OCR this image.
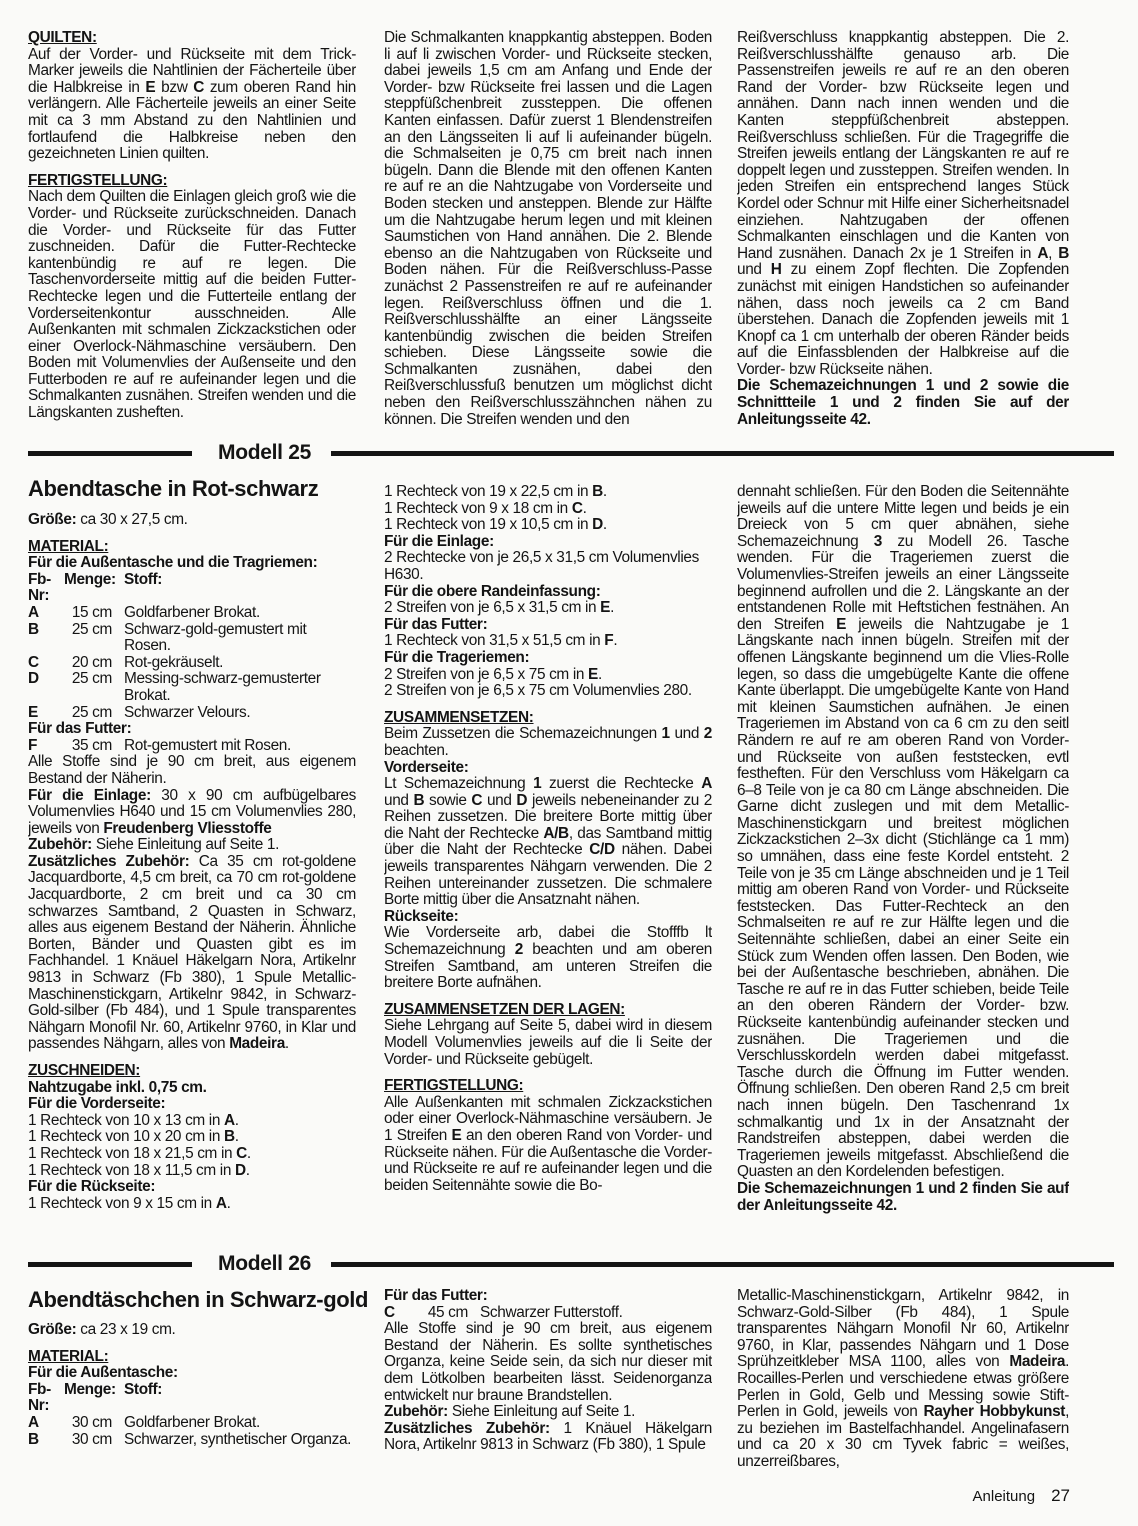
QUILTEN:

Auf der Vorder- und Rückseite mit dem Trick-Marker jeweils die Nahtlinien der Fächerteile über die Halbkreise in E bzw C zum oberen Rand hin verlängern. Alle Fächerteile jeweils an einer Seite mit ca 3 mm Abstand zu den Nahtlinien und fortlaufend die Halbkreise neben den gezeichneten Linien quilten.

FERTIGSTELLUNG:

Nach dem Quilten die Einlagen gleich groß wie die Vorder- und Rückseite zurückschneiden. Danach die Vorder- und Rückseite für das Futter zuschneiden. Dafür die Futter-Rechtecke kantenbündig re auf re legen. Die Taschenvorderseite mittig auf die beiden Futter-Rechtecke legen und die Futterteile entlang der Vorderseitenkontur ausschneiden. Alle Außenkanten mit schmalen Zickzackstichen oder einer Overlock-Nähmaschine versäubern. Den Boden mit Volumenvlies der Außenseite und den Futterboden re auf re aufeinander legen und die Schmalkanten zusnähen. Streifen wenden und die Längskanten zusheften.

Die Schmalkanten knappkantig absteppen. Boden li auf li zwischen Vorder- und Rückseite stecken, dabei jeweils 1,5 cm am Anfang und Ende der Vorder- bzw Rückseite frei lassen und die Lagen steppfüßchenbreit zussteppen. Die offenen Kanten einfassen. Dafür zuerst 1 Blendenstreifen an den Längsseiten li auf li aufeinander bügeln. die Schmalseiten je 0,75 cm breit nach innen bügeln. Dann die Blende mit den offenen Kanten re auf re an die Nahtzugabe von Vorderseite und Boden stecken und ansteppen. Blende zur Hälfte um die Nahtzugabe herum legen und mit kleinen Saumstichen von Hand annähen. Die 2. Blende ebenso an die Nahtzugaben von Rückseite und Boden nähen. Für die Reißverschluss-Passe zunächst 2 Passenstreifen re auf re aufeinander legen. Reißverschluss öffnen und die 1. Reißverschlusshälfte an einer Längsseite kantenbündig zwischen die beiden Streifen schieben. Diese Längsseite sowie die Schmalkanten zusnähen, dabei den Reißverschlussfuß benutzen um möglichst dicht neben den Reißverschlusszähnchen nähen zu können. Die Streifen wenden und den

Reißverschluss knappkantig absteppen. Die 2. Reißverschlusshälfte genauso arb. Die Passenstreifen jeweils re auf re an den oberen Rand der Vorder- bzw Rückseite legen und annähen. Dann nach innen wenden und die Kanten steppfüßchenbreit absteppen. Reißverschluss schließen. Für die Tragegriffe die Streifen jeweils entlang der Längskanten re auf re doppelt legen und zussteppen. Streifen wenden. In jeden Streifen ein entsprechend langes Stück Kordel oder Schnur mit Hilfe einer Sicherheitsnadel einziehen. Nahtzugaben der offenen Schmalkanten einschlagen und die Kanten von Hand zusnähen. Danach 2x je 1 Streifen in A, B und H zu einem Zopf flechten. Die Zopfenden zunächst mit einigen Handstichen so aufeinander nähen, dass noch jeweils ca 2 cm Band überstehen. Danach die Zopfenden jeweils mit 1 Knopf ca 1 cm unterhalb der oberen Ränder beids auf die Einfassblenden der Halbkreise auf die Vorder- bzw Rückseite nähen.

Die Schemazeichnungen 1 und 2 sowie die Schnittteile 1 und 2 finden Sie auf der Anleitungsseite 42.

Modell 25
Abendtasche in Rot-schwarz

Größe: ca 30 x 27,5 cm.

MATERIAL:

Für die Außentasche und die Tragriemen:

Fb-Nr:
Menge: Stoff:
A	15 cm Goldfarbener Brokat.
B	25 cm Schwarz-gold-gemustert mit Rosen.
C	20 cm Rot-gekräuselt.
D	25 cm Messing-schwarz-gemusterter Brokat.
E	25 cm Schwarzer Velours.

Für das Futter:

F	35 cm Rot-gemustert mit Rosen.

Alle Stoffe sind je 90 cm breit, aus eigenem Bestand der Näherin.

Für die Einlage: 30 x 90 cm aufbügelbares Volumenvlies H640 und 15 cm Volumenvlies 280, jeweils von Freudenberg Vliesstoffe

Zubehör: Siehe Einleitung auf Seite 1.

Zusätzliches Zubehör: Ca 35 cm rot-goldene Jacquardborte, 4,5 cm breit, ca 70 cm rot-goldene Jacquardborte, 2 cm breit und ca 30 cm schwarzes Samtband, 2 Quasten in Schwarz, alles aus eigenem Bestand der Näherin. Ähnliche Borten, Bänder und Quasten gibt es im Fachhandel. 1 Knäuel Häkelgarn Nora, Artikelnr 9813 in Schwarz (Fb 380), 1 Spule Metallic-Maschinenstickgarn, Artikelnr 9842, in Schwarz-Gold-silber (Fb 484), und 1 Spule transparentes Nähgarn Monofil Nr. 60, Artikelnr 9760, in Klar und passendes Nähgarn, alles von Madeira.

ZUSCHNEIDEN:

Nahtzugabe inkl. 0,75 cm.

Für die Vorderseite:

1 Rechteck von 10 x 13 cm in A.

1 Rechteck von 10 x 20 cm in B.

1 Rechteck von 18 x 21,5 cm in C.

1 Rechteck von 18 x 11,5 cm in D.

Für die Rückseite:

1 Rechteck von 9 x 15 cm in A.

1 Rechteck von 19 x 22,5 cm in B.

1 Rechteck von 9 x 18 cm in C.

1 Rechteck von 19 x 10,5 cm in D.

Für die Einlage:

2 Rechtecke von je 26,5 x 31,5 cm Volumenvlies H630.

Für die obere Randeinfassung:

2 Streifen von je 6,5 x 31,5 cm in E.

Für das Futter:

1 Rechteck von 31,5 x 51,5 cm in F.

Für die Trageriemen:

2 Streifen von je 6,5 x 75 cm in E.

2 Streifen von je 6,5 x 75 cm Volumenvlies 280.

ZUSAMMENSETZEN:

Beim Zussetzen die Schemazeichnungen 1 und 2 beachten.

Vorderseite:

Lt Schemazeichnung 1 zuerst die Rechtecke A und B sowie C und D jeweils nebeneinander zu 2 Reihen zussetzen. Die breitere Borte mittig über die Naht der Rechtecke A/B, das Samtband mittig über die Naht der Rechtecke C/D nähen. Dabei jeweils transparentes Nähgarn verwenden. Die 2 Reihen untereinander zussetzen. Die schmalere Borte mittig über die Ansatznaht nähen.

Rückseite:

Wie Vorderseite arb, dabei die Stofffb lt Schemazeichnung 2 beachten und am oberen Streifen Samtband, am unteren Streifen die breitere Borte aufnähen.

ZUSAMMENSETZEN DER LAGEN:

Siehe Lehrgang auf Seite 5, dabei wird in diesem Modell Volumenvlies jeweils auf die li Seite der Vorder- und Rückseite gebügelt.

FERTIGSTELLUNG:

Alle Außenkanten mit schmalen Zickzackstichen oder einer Overlock-Nähmaschine versäubern. Je 1 Streifen E an den oberen Rand von Vorder- und Rückseite nähen. Für die Außentasche die Vorder- und Rückseite re auf re aufeinander legen und die beiden Seitennähte sowie die Bo-

dennaht schließen. Für den Boden die Seitennähte jeweils auf die untere Mitte legen und beids je ein Dreieck von 5 cm quer abnähen, siehe Schemazeichnung 3 zu Modell 26. Tasche wenden. Für die Trageriemen zuerst die Volumenvlies-Streifen jeweils an einer Längsseite beginnend aufrollen und die 2. Längskante an der entstandenen Rolle mit Heftstichen festnähen. An den Streifen E jeweils die Nahtzugabe je 1 Längskante nach innen bügeln. Streifen mit der offenen Längskante beginnend um die Vlies-Rolle legen, so dass die umgebügelte Kante die offene Kante überlappt. Die umgebügelte Kante von Hand mit kleinen Saumstichen aufnähen. Je einen Trageriemen im Abstand von ca 6 cm zu den seitl Rändern re auf re am oberen Rand von Vorder- und Rückseite von außen feststecken, evtl festheften. Für den Verschluss vom Häkelgarn ca 6–8 Teile von je ca 80 cm Länge abschneiden. Die Garne dicht zuslegen und mit dem Metallic-Maschinenstickgarn und breitest möglichen Zickzackstichen 2–3x dicht (Stichlänge ca 1 mm) so umnähen, dass eine feste Kordel entsteht. 2 Teile von je 35 cm Länge abschneiden und je 1 Teil mittig am oberen Rand von Vorder- und Rückseite feststecken. Das Futter-Rechteck an den Schmalseiten re auf re zur Hälfte legen und die Seitennähte schließen, dabei an einer Seite ein Stück zum Wenden offen lassen. Den Boden, wie bei der Außentasche beschrieben, abnähen. Die Tasche re auf re in das Futter schieben, beide Teile an den oberen Rändern der Vorder- bzw. Rückseite kantenbündig aufeinander stecken und zusnähen. Die Trageriemen und die Verschlusskordeln werden dabei mitgefasst. Tasche durch die Öffnung im Futter wenden. Öffnung schließen. Den oberen Rand 2,5 cm breit nach innen bügeln. Den Taschenrand 1x schmalkantig und 1x in der Ansatznaht der Randstreifen absteppen, dabei werden die Trageriemen jeweils mitgefasst. Abschließend die Quasten an den Kordelenden befestigen.

Die Schemazeichnungen 1 und 2 finden Sie auf der Anleitungsseite 42.

Modell 26
Abendtäschchen in Schwarz-gold

Größe: ca 23 x 19 cm.

MATERIAL:

Für die Außentasche:

Fb-Nr:
Menge: Stoff:
A	30 cm Goldfarbener Brokat.
B	30 cm Schwarzer, synthetischer Organza.

Für das Futter:

C	45 cm Schwarzer Futterstoff.

Alle Stoffe sind je 90 cm breit, aus eigenem Bestand der Näherin. Es sollte synthetisches Organza, keine Seide sein, da sich nur dieser mit dem Lötkolben bearbeiten lässt. Seidenorganza entwickelt nur braune Brandstellen.

Zubehör: Siehe Einleitung auf Seite 1.

Zusätzliches Zubehör: 1 Knäuel Häkelgarn Nora, Artikelnr 9813 in Schwarz (Fb 380), 1 Spule

Metallic-Maschinenstickgarn, Artikelnr 9842, in Schwarz-Gold-Silber (Fb 484), 1 Spule transparentes Nähgarn Monofil Nr 60, Artikelnr 9760, in Klar, passendes Nähgarn und 1 Dose Sprühzeitkleber MSA 1100, alles von Madeira. Rocailles-Perlen und verschiedene etwas größere Perlen in Gold, Gelb und Messing sowie Stift-Perlen in Gold, jeweils von Rayher Hobbykunst, zu beziehen im Bastelfachhandel. Angelinafasern und ca 20 x 30 cm Tyvek fabric = weißes, unzerreißbares,

Anleitung 27
